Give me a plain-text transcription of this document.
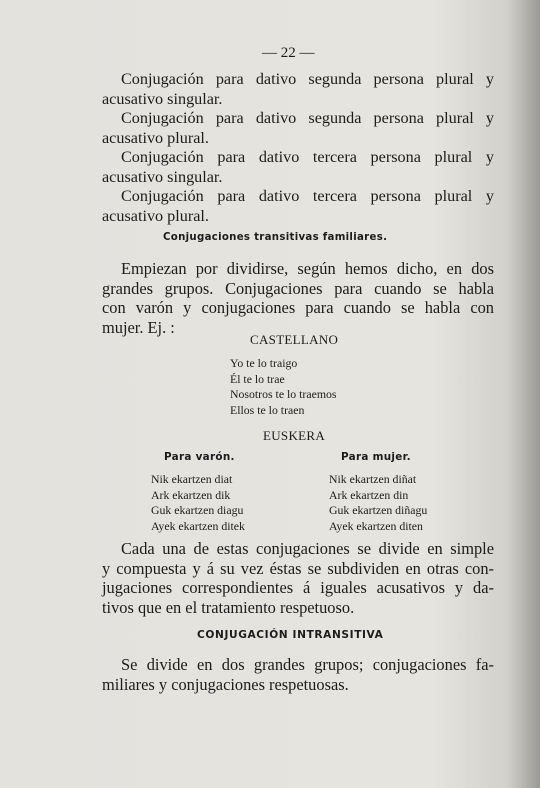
— 22 —
Conjugación para dativo segunda persona plural y
acusativo singular.
Conjugación para dativo segunda persona plural y
acusativo plural.
Conjugación para dativo tercera persona plural y
acusativo singular.
Conjugación para dativo tercera persona plural y
acusativo plural.
Conjugaciones transitivas familiares.
Empiezan por dividirse, según hemos dicho, en dos
grandes grupos. Conjugaciones para cuando se habla
con varón y conjugaciones para cuando se habla con
mujer. Ej. :
CASTELLANO
Yo te lo traigo
Él te lo trae
Nosotros te lo traemos
Ellos te lo traen
EUSKERA
Para varón.	Para mujer.
Nik ekartzen diat
Ark ekartzen dik
Guk ekartzen diagu
Ayek ekartzen ditek
Nik ekartzen diñat
Ark ekartzen din
Guk ekartzen diñagu
Ayek ekartzen diten
Cada una de estas conjugaciones se divide en simple
y compuesta y á su vez éstas se subdividen en otras con-
jugaciones correspondientes á iguales acusativos y da-
tivos que en el tratamiento respetuoso.
CONJUGACIÓN INTRANSITIVA
Se divide en dos grandes grupos; conjugaciones fa-
miliares y conjugaciones respetuosas.
